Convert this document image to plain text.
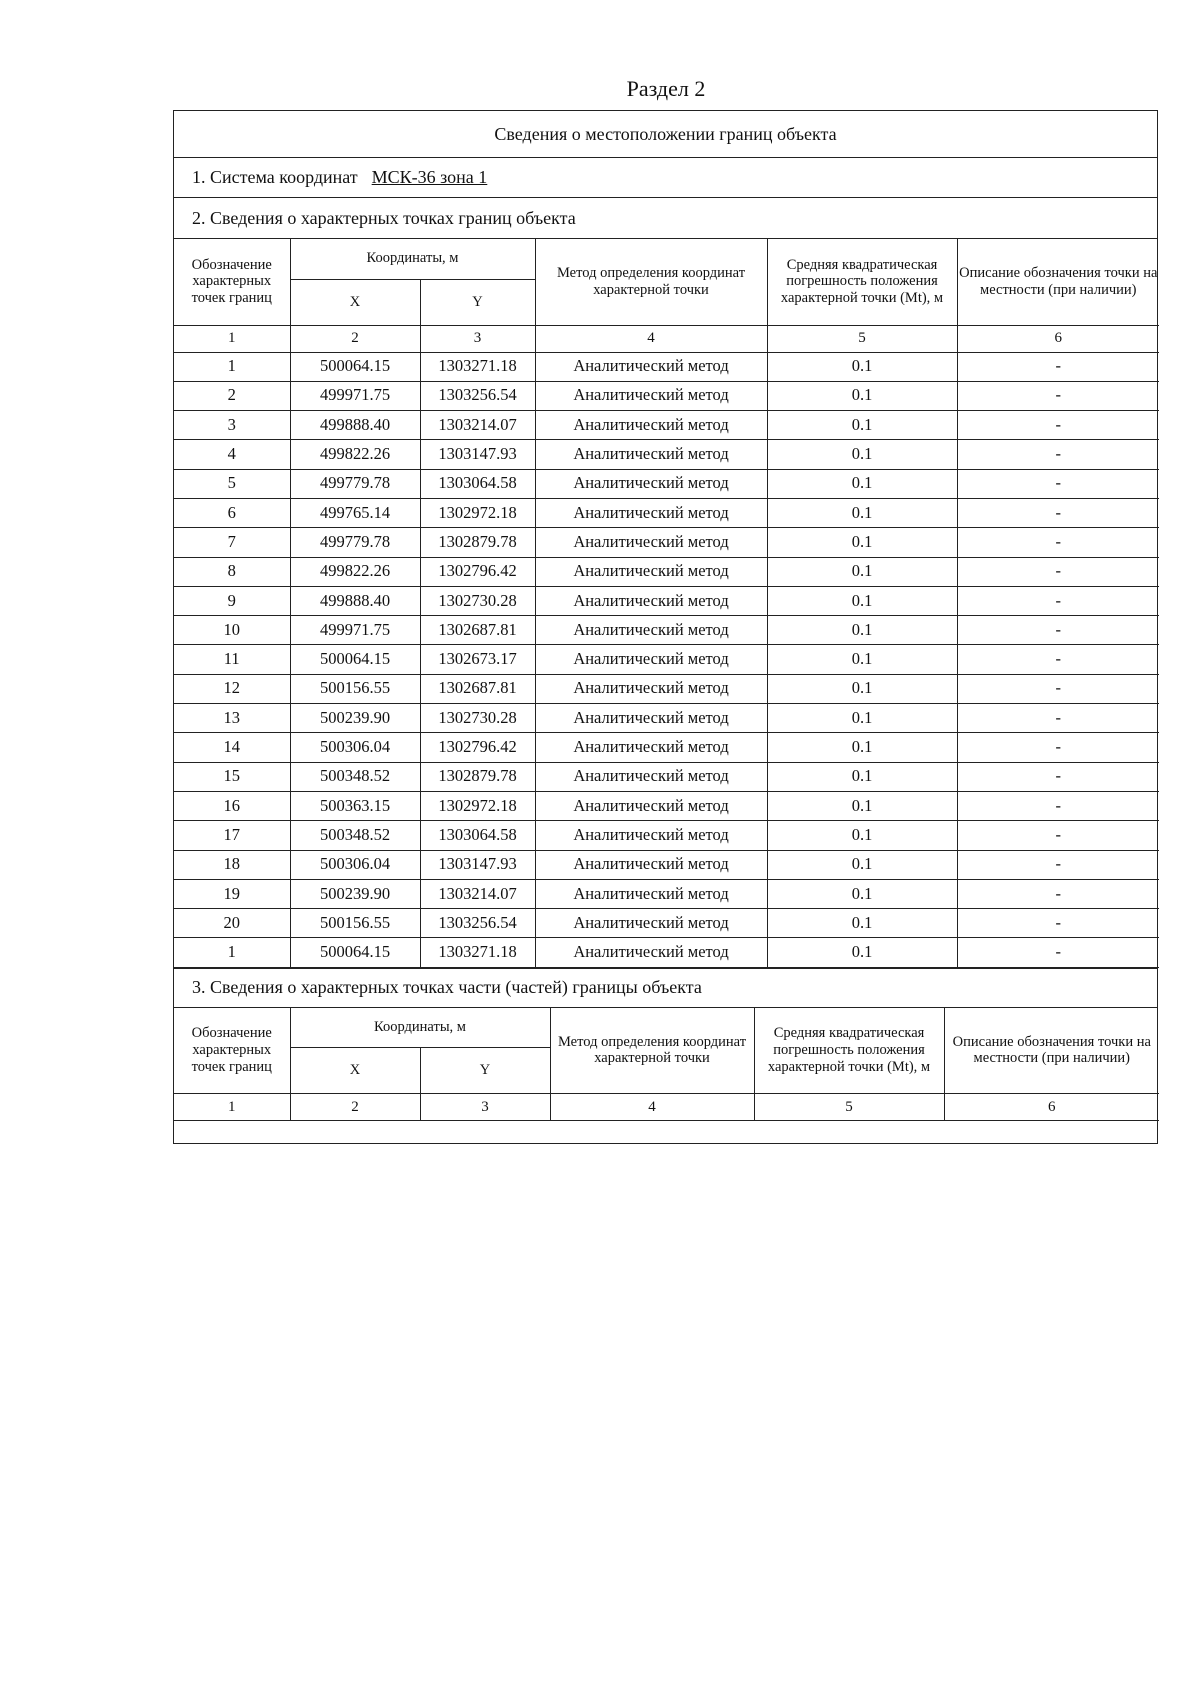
Раздел 2
Сведения о местоположении границ объекта
1. Система координат МСК-36 зона 1
2. Сведения о характерных точках границ объекта
Обозначение характерных точек границ	Координаты, м		Метод определения координат характерной точки	Средняя квадратическая погрешность положения характерной точки (Mt), м	Описание обозначения точки на местности (при наличии)
	X	Y			
1	2	3	4	5	6
1	500064.15	1303271.18	Аналитический метод	0.1	-
2	499971.75	1303256.54	Аналитический метод	0.1	-
3	499888.40	1303214.07	Аналитический метод	0.1	-
4	499822.26	1303147.93	Аналитический метод	0.1	-
5	499779.78	1303064.58	Аналитический метод	0.1	-
6	499765.14	1302972.18	Аналитический метод	0.1	-
7	499779.78	1302879.78	Аналитический метод	0.1	-
8	499822.26	1302796.42	Аналитический метод	0.1	-
9	499888.40	1302730.28	Аналитический метод	0.1	-
10	499971.75	1302687.81	Аналитический метод	0.1	-
11	500064.15	1302673.17	Аналитический метод	0.1	-
12	500156.55	1302687.81	Аналитический метод	0.1	-
13	500239.90	1302730.28	Аналитический метод	0.1	-
14	500306.04	1302796.42	Аналитический метод	0.1	-
15	500348.52	1302879.78	Аналитический метод	0.1	-
16	500363.15	1302972.18	Аналитический метод	0.1	-
17	500348.52	1303064.58	Аналитический метод	0.1	-
18	500306.04	1303147.93	Аналитический метод	0.1	-
19	500239.90	1303214.07	Аналитический метод	0.1	-
20	500156.55	1303256.54	Аналитический метод	0.1	-
1	500064.15	1303271.18	Аналитический метод	0.1	-
3. Сведения о характерных точках части (частей) границы объекта
Обозначение характерных точек границ	Координаты, м		Метод определения координат характерной точки	Средняя квадратическая погрешность положения характерной точки (Mt), м	Описание обозначения точки на местности (при наличии)
	X	Y			
1	2	3	4	5	6
